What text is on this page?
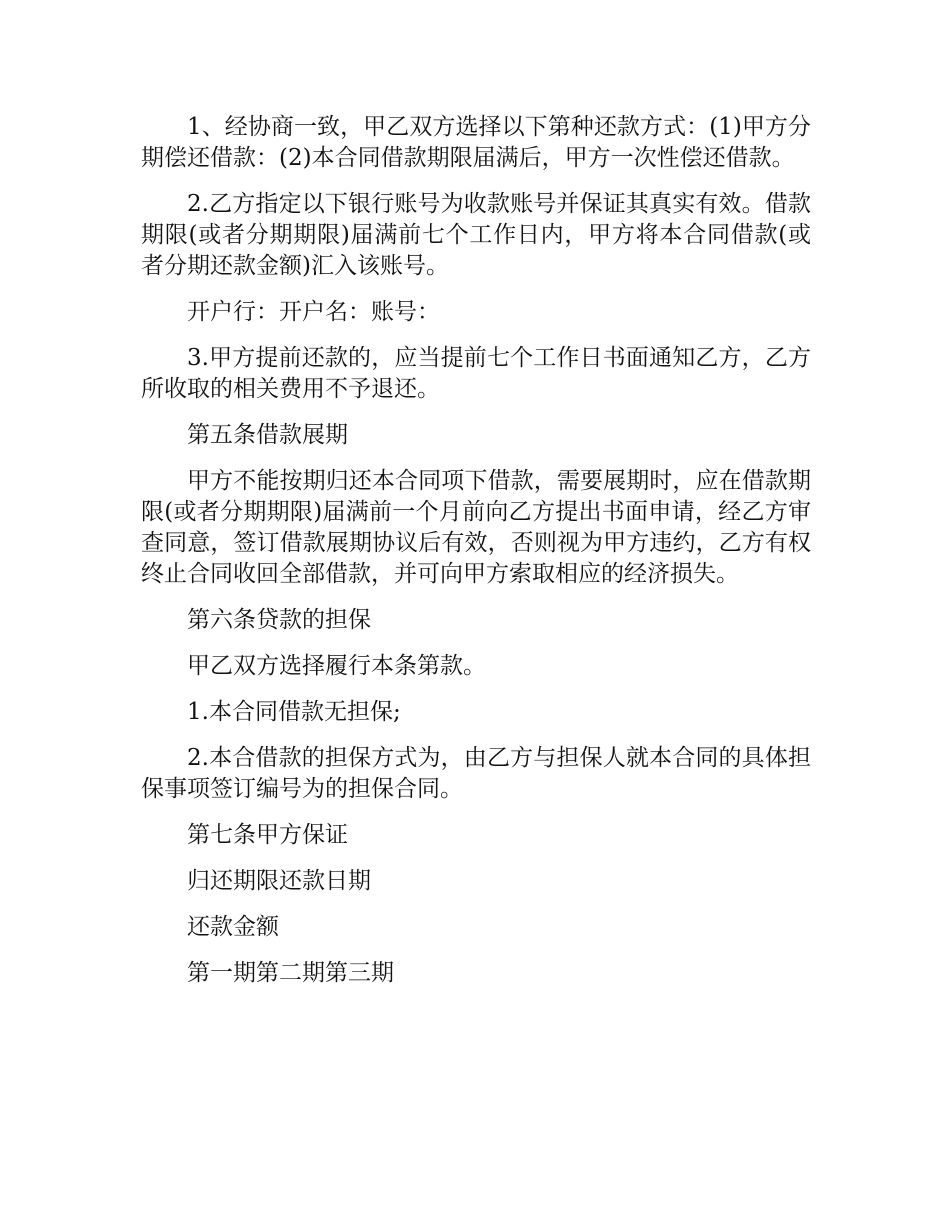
1、经协商一致，甲乙双方选择以下第种还款方式：(1)甲方分期偿还借款：(2)本合同借款期限届满后，甲方一次性偿还借款。

2.乙方指定以下银行账号为收款账号并保证其真实有效。借款期限(或者分期期限)届满前七个工作日内，甲方将本合同借款(或者分期还款金额)汇入该账号。

开户行：开户名：账号：

3.甲方提前还款的，应当提前七个工作日书面通知乙方，乙方所收取的相关费用不予退还。

第五条借款展期

甲方不能按期归还本合同项下借款，需要展期时，应在借款期限(或者分期期限)届满前一个月前向乙方提出书面申请，经乙方审查同意，签订借款展期协议后有效，否则视为甲方违约，乙方有权终止合同收回全部借款，并可向甲方索取相应的经济损失。

第六条贷款的担保

甲乙双方选择履行本条第款。

1.本合同借款无担保;

2.本合借款的担保方式为，由乙方与担保人就本合同的具体担保事项签订编号为的担保合同。

第七条甲方保证

归还期限还款日期

还款金额

第一期第二期第三期
